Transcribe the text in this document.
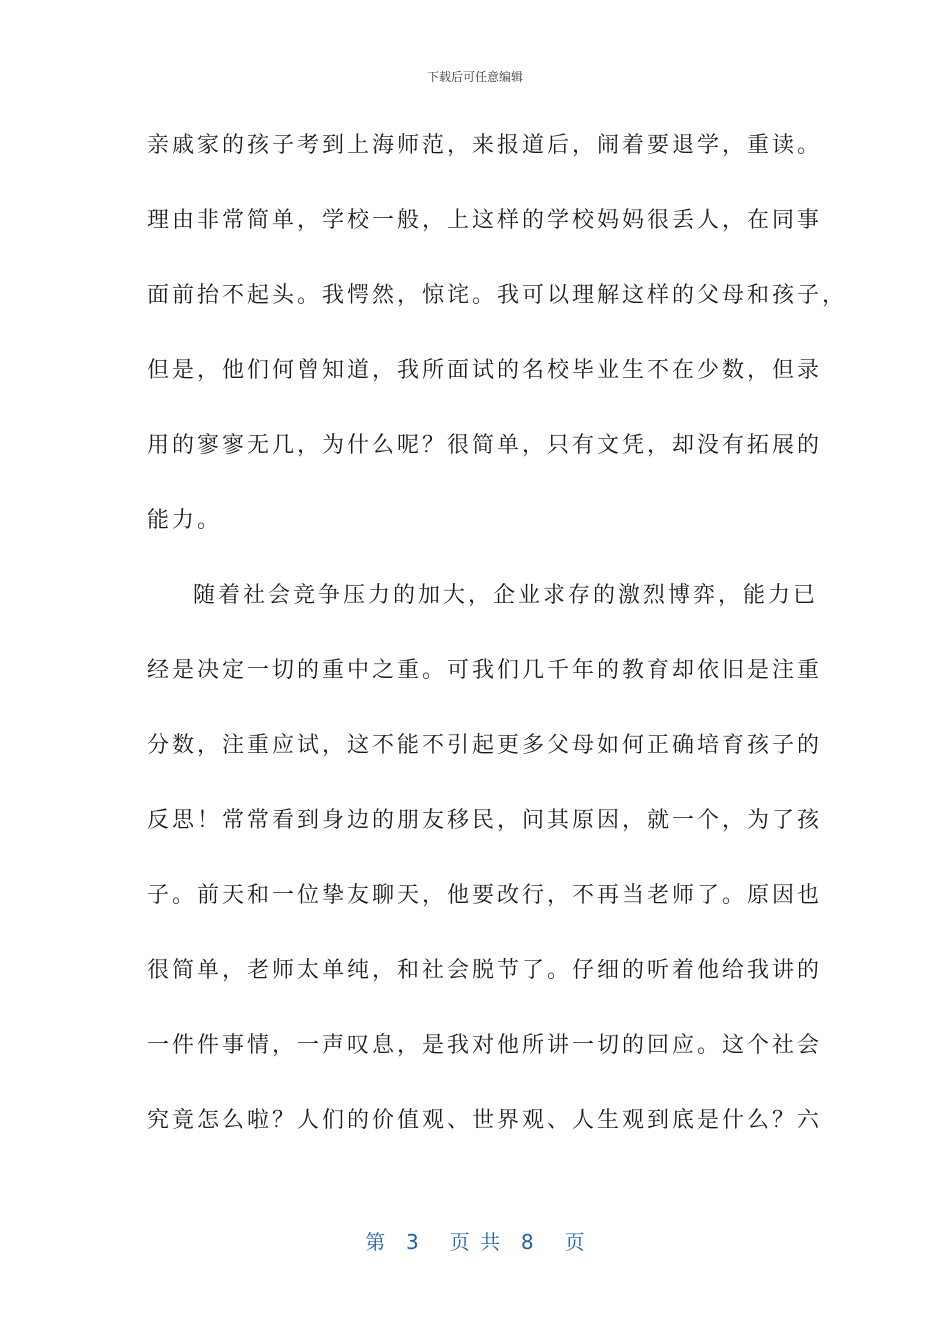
下载后可任意编辑
亲戚家的孩子考到上海师范，来报道后，闹着要退学，重读。
理由非常简单，学校一般，上这样的学校妈妈很丢人，在同事
面前抬不起头。我愕然，惊诧。我可以理解这样的父母和孩子，
但是，他们何曾知道，我所面试的名校毕业生不在少数，但录
用的寥寥无几，为什么呢？很简单，只有文凭，却没有拓展的
能力。
随着社会竞争压力的加大，企业求存的激烈博弈，能力已
经是决定一切的重中之重。可我们几千年的教育却依旧是注重
分数，注重应试，这不能不引起更多父母如何正确培育孩子的
反思！常常看到身边的朋友移民，问其原因，就一个，为了孩
子。前天和一位挚友聊天，他要改行，不再当老师了。原因也
很简单，老师太单纯，和社会脱节了。仔细的听着他给我讲的
一件件事情，一声叹息，是我对他所讲一切的回应。这个社会
究竟怎么啦？人们的价值观、世界观、人生观到底是什么？六
第  3   页 共  8   页
